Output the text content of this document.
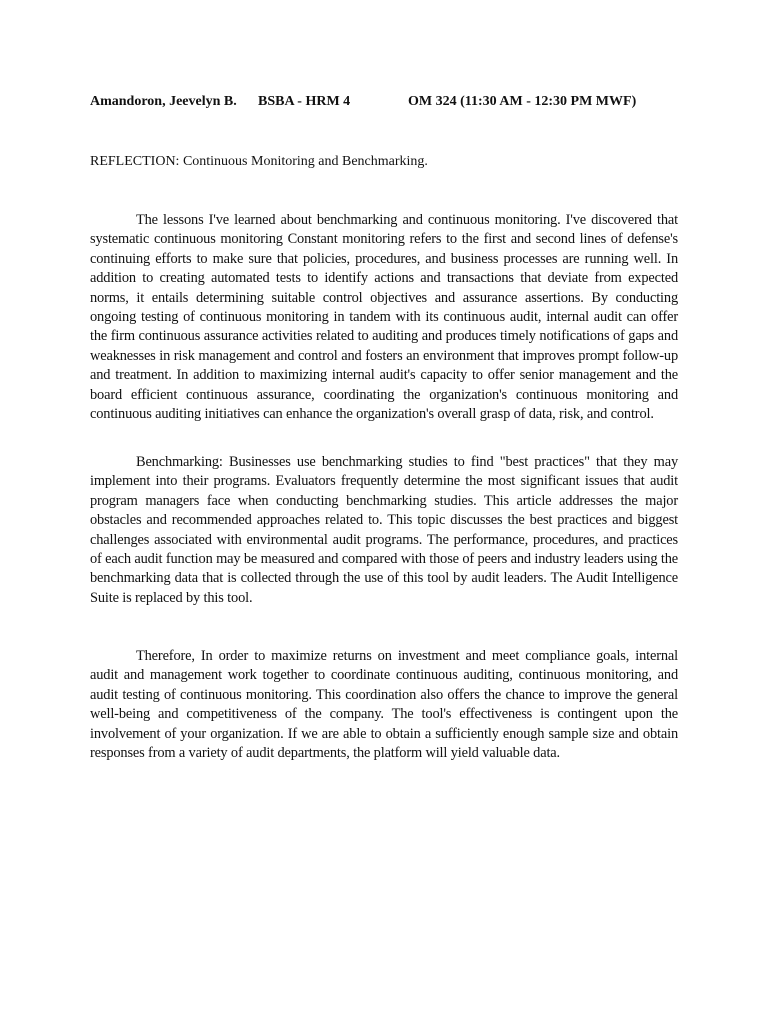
Amandoron, Jeevelyn B. BSBA - HRM 4	OM 324 (11:30 AM - 12:30 PM MWF)
REFLECTION: Continuous Monitoring and Benchmarking.

The lessons I've learned about benchmarking and continuous monitoring. I've discovered that systematic continuous monitoring Constant monitoring refers to the first and second lines of defense's continuing efforts to make sure that policies, procedures, and business processes are running well. In addition to creating automated tests to identify actions and transactions that deviate from expected norms, it entails determining suitable control objectives and assurance assertions. By conducting ongoing testing of continuous monitoring in tandem with its continuous audit, internal audit can offer the firm continuous assurance activities related to auditing and produces timely notifications of gaps and weaknesses in risk management and control and fosters an environment that improves prompt follow-up and treatment. In addition to maximizing internal audit's capacity to offer senior management and the board efficient continuous assurance, coordinating the organization's continuous monitoring and continuous auditing initiatives can enhance the organization's overall grasp of data, risk, and control.

Benchmarking: Businesses use benchmarking studies to find "best practices" that they may implement into their programs. Evaluators frequently determine the most significant issues that audit program managers face when conducting benchmarking studies. This article addresses the major obstacles and recommended approaches related to. This topic discusses the best practices and biggest challenges associated with environmental audit programs. The performance, procedures, and practices of each audit function may be measured and compared with those of peers and industry leaders using the benchmarking data that is collected through the use of this tool by audit leaders. The Audit Intelligence Suite is replaced by this tool.

Therefore, In order to maximize returns on investment and meet compliance goals, internal audit and management work together to coordinate continuous auditing, continuous monitoring, and audit testing of continuous monitoring. This coordination also offers the chance to improve the general well-being and competitiveness of the company. The tool's effectiveness is contingent upon the involvement of your organization. If we are able to obtain a sufficiently enough sample size and obtain responses from a variety of audit departments, the platform will yield valuable data.
